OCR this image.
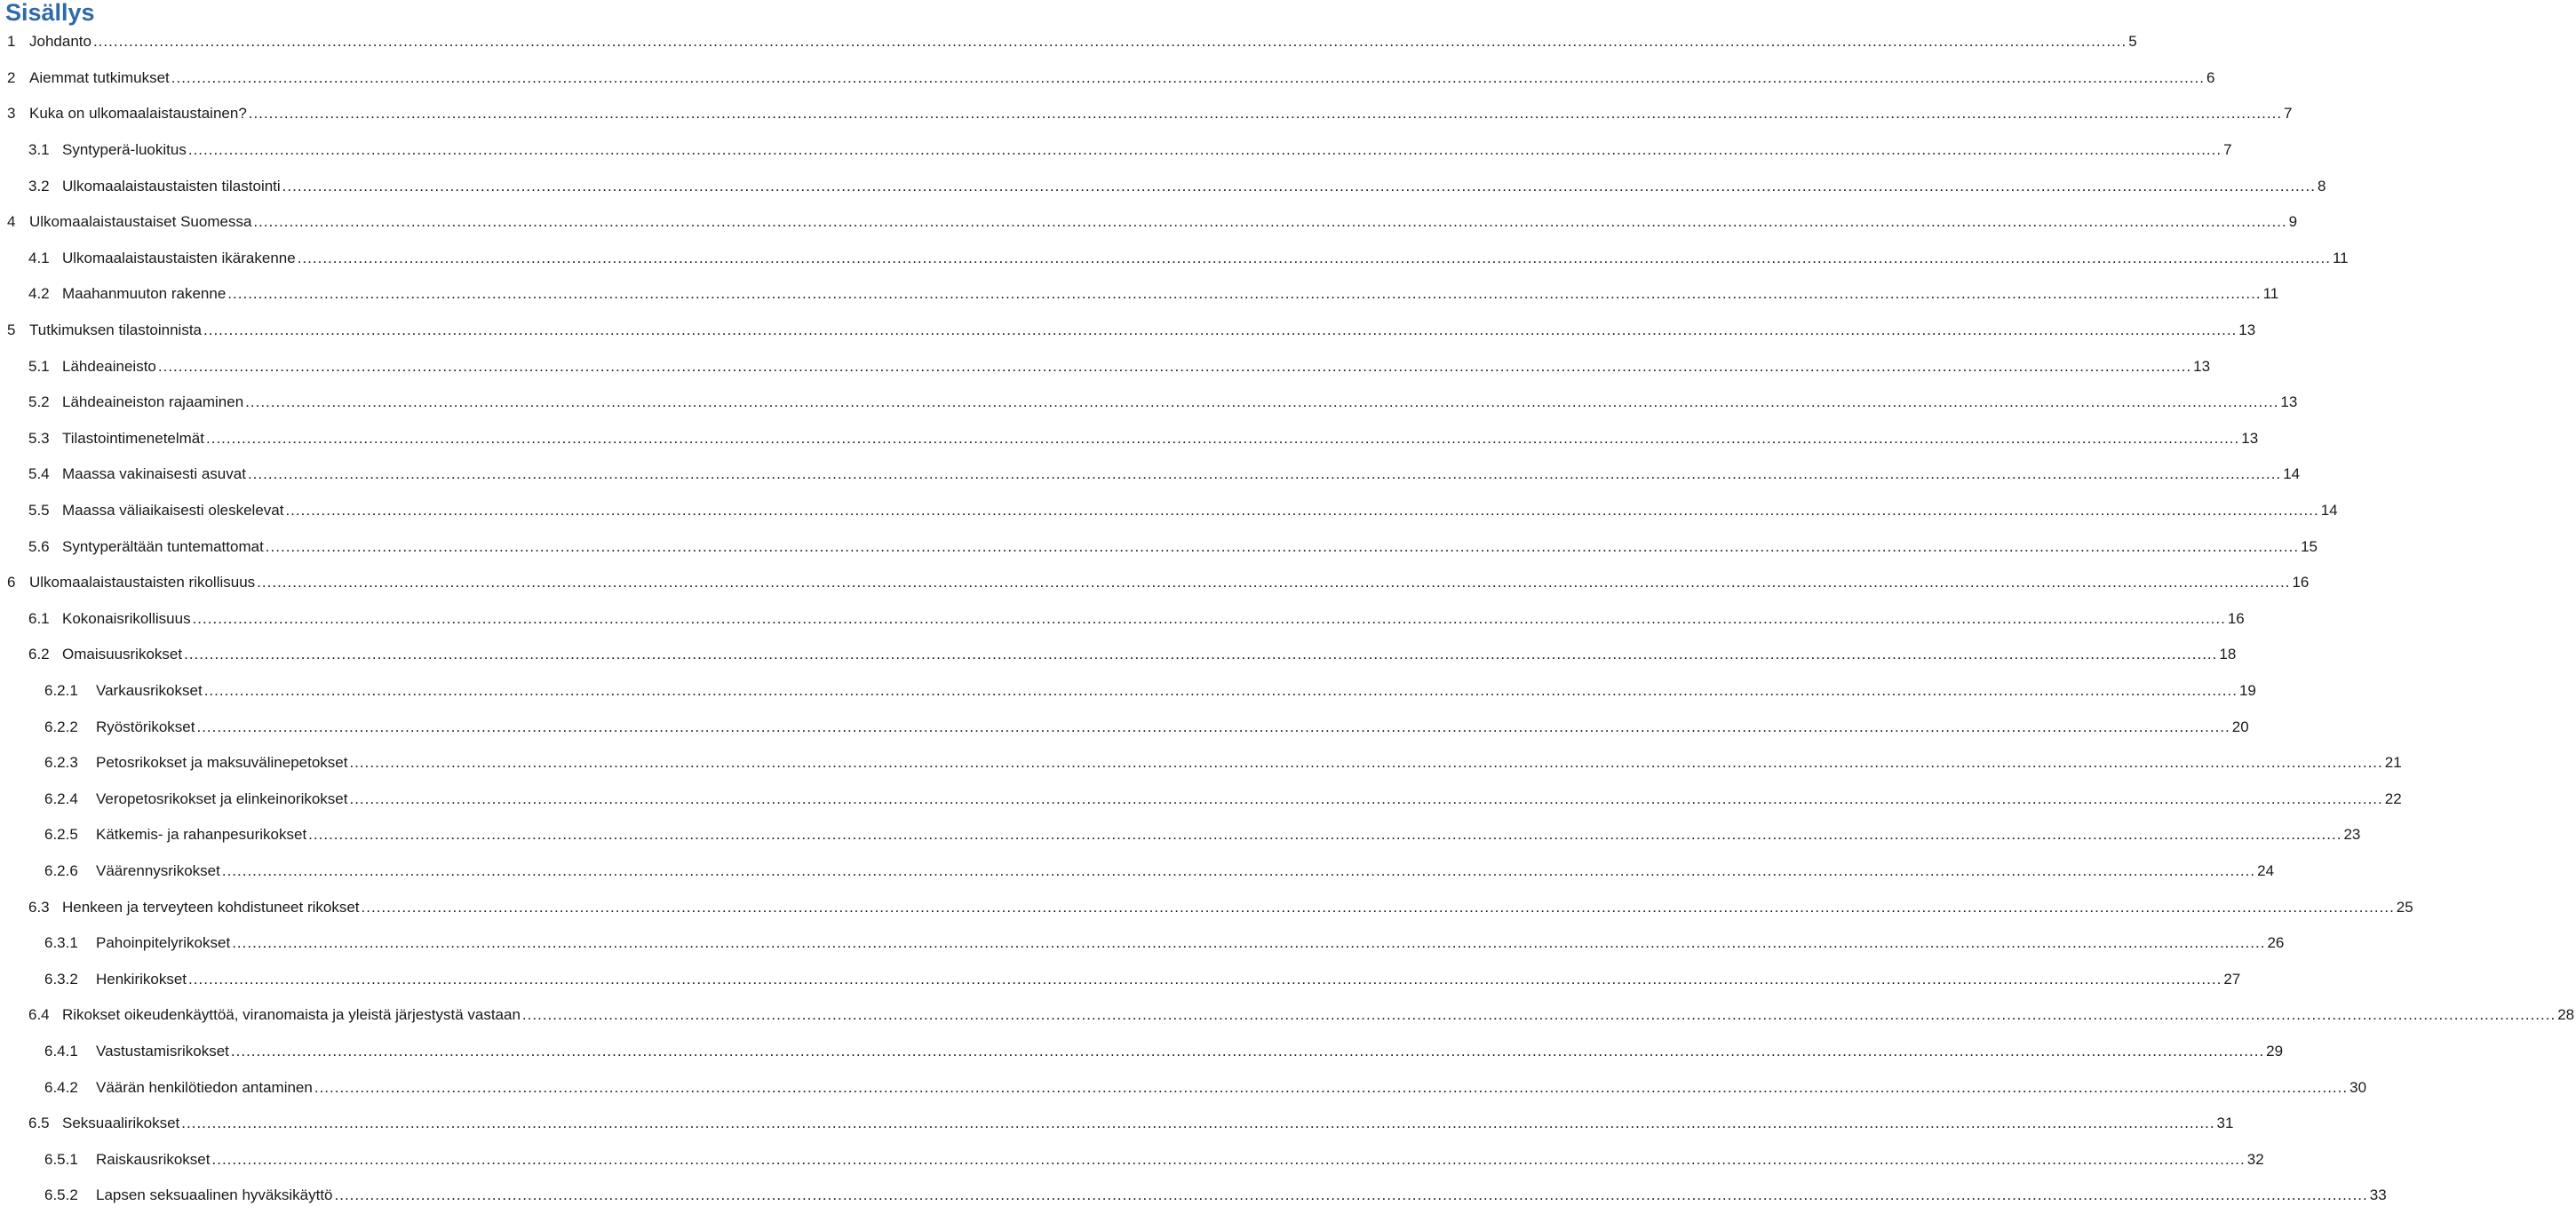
Sisällys
1 Johdanto ................................................................................................................................................................................................................................................................................................................................................................................................................ 5
2 Aiemmat tutkimukset ................................................................................................................................................................................................................................................................................................................................................................................................................ 6
3 Kuka on ulkomaalaistaustainen? ................................................................................................................................................................................................................................................................................................................................................................................................................ 7
3.1 Syntyperä-luokitus ................................................................................................................................................................................................................................................................................................................................................................................................................ 7
3.2 Ulkomaalaistaustaisten tilastointi ................................................................................................................................................................................................................................................................................................................................................................................................................ 8
4 Ulkomaalaistaustaiset Suomessa ................................................................................................................................................................................................................................................................................................................................................................................................................ 9
4.1 Ulkomaalaistaustaisten ikärakenne ................................................................................................................................................................................................................................................................................................................................................................................................................ 11
4.2 Maahanmuuton rakenne ................................................................................................................................................................................................................................................................................................................................................................................................................ 11
5 Tutkimuksen tilastoinnista ................................................................................................................................................................................................................................................................................................................................................................................................................ 13
5.1 Lähdeaineisto ................................................................................................................................................................................................................................................................................................................................................................................................................ 13
5.2 Lähdeaineiston rajaaminen ................................................................................................................................................................................................................................................................................................................................................................................................................ 13
5.3 Tilastointimenetelmät ................................................................................................................................................................................................................................................................................................................................................................................................................ 13
5.4 Maassa vakinaisesti asuvat ................................................................................................................................................................................................................................................................................................................................................................................................................ 14
5.5 Maassa väliaikaisesti oleskelevat ................................................................................................................................................................................................................................................................................................................................................................................................................ 14
5.6 Syntyperältään tuntemattomat ................................................................................................................................................................................................................................................................................................................................................................................................................ 15
6 Ulkomaalaistaustaisten rikollisuus ................................................................................................................................................................................................................................................................................................................................................................................................................ 16
6.1 Kokonaisrikollisuus ................................................................................................................................................................................................................................................................................................................................................................................................................ 16
6.2 Omaisuusrikokset ................................................................................................................................................................................................................................................................................................................................................................................................................ 18
6.2.1	Varkausrikokset ................................................................................................................................................................................................................................................................................................................................................................................................................ 19
6.2.2	Ryöstörikokset ................................................................................................................................................................................................................................................................................................................................................................................................................ 20
6.2.3	Petosrikokset ja maksuvälinepetokset ................................................................................................................................................................................................................................................................................................................................................................................................................ 21
6.2.4	Veropetosrikokset ja elinkeinorikokset ................................................................................................................................................................................................................................................................................................................................................................................................................ 22
6.2.5	Kätkemis- ja rahanpesurikokset ................................................................................................................................................................................................................................................................................................................................................................................................................ 23
6.2.6	Väärennysrikokset ................................................................................................................................................................................................................................................................................................................................................................................................................ 24
6.3 Henkeen ja terveyteen kohdistuneet rikokset ................................................................................................................................................................................................................................................................................................................................................................................................................ 25
6.3.1	Pahoinpitelyrikokset ................................................................................................................................................................................................................................................................................................................................................................................................................ 26
6.3.2	Henkirikokset ................................................................................................................................................................................................................................................................................................................................................................................................................ 27
6.4 Rikokset oikeudenkäyttöä, viranomaista ja yleistä järjestystä vastaan ................................................................................................................................................................................................................................................................................................................................................................................................................ 28
6.4.1	Vastustamisrikokset ................................................................................................................................................................................................................................................................................................................................................................................................................ 29
6.4.2	Väärän henkilötiedon antaminen ................................................................................................................................................................................................................................................................................................................................................................................................................ 30
6.5 Seksuaalirikokset ................................................................................................................................................................................................................................................................................................................................................................................................................ 31
6.5.1	Raiskausrikokset ................................................................................................................................................................................................................................................................................................................................................................................................................ 32
6.5.2	Lapsen seksuaalinen hyväksikäyttö ................................................................................................................................................................................................................................................................................................................................................................................................................ 33
